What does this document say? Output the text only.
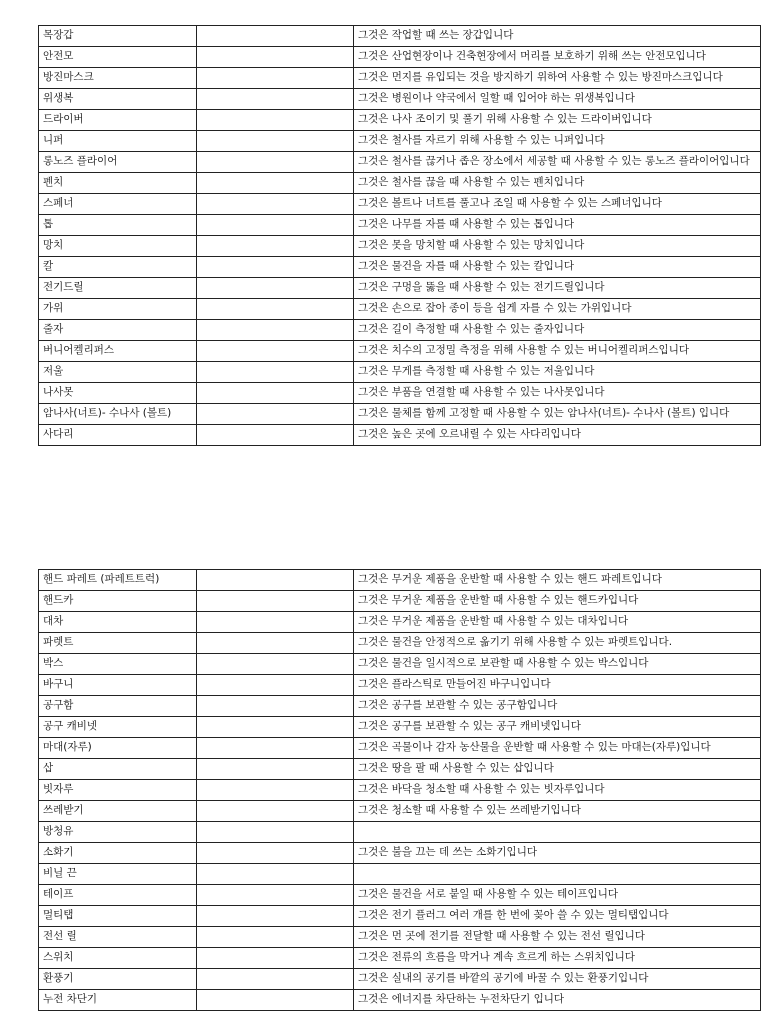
목장갑		그것은 작업할 때 쓰는 장갑입니다
안전모		그것은 산업현장이나 건축현장에서 머리를 보호하기 위해 쓰는 안전모입니다
방진마스크		그것은 먼지를 유입되는 것을 방지하기 위하여 사용할 수 있는 방진마스크입니다
위생복		그것은 병원이나 약국에서 일할 때 입어야 하는 위생복입니다
드라이버		그것은 나사 조이기 및 풀기 위해 사용할 수 있는 드라이버입니다
니퍼		그것은 철사를 자르기 위해 사용할 수 있는 니퍼입니다
롱노즈 플라이어		그것은 철사를 끊거나 좁은 장소에서 세공할 때 사용할 수 있는 롱노즈 플라이어입니다
펜치		그것은 철사를 끊을 때 사용할 수 있는 펜치입니다
스페너		그것은 볼트나 너트를 풀고나 조일 때 사용할 수 있는 스페너입니다
톱		그것은 나무를 자를 때 사용할 수 있는 톱입니다
망치		그것은 못을 망치할 때 사용할 수 있는 망치입니다
칼		그것은 물건을 자를 때 사용할 수 있는 칼입니다
전기드릴		그것은 구멍을 뚫을 때 사용할 수 있는 전기드릴입니다
가위		그것은 손으로 잡아 종이 등을 쉽게 자를 수 있는 가위입니다
줄자		그것은 길이 측정할 때 사용할 수 있는 줄자입니다
버니어켈리퍼스		그것은 치수의 고정밀 측정을 위해 사용할 수 있는 버니어켈리퍼스입니다
저울		그것은 무게를 측정할 때 사용할 수 있는 저울입니다
나사못		그것은 부품을 연결할 때 사용할 수 있는 나사못입니다
암나사(너트)- 수나사 (볼트)		그것은 물체를 함께 고정할 때 사용할 수 있는 암나사(너트)- 수나사 (볼트) 입니다
사다리		그것은 높은 곳에 오르내릴 수 있는 사다리입니다
핸드 파레트 (파레트트럭)		그것은 무거운 제품을 운반할 때 사용할 수 있는 핸드 파레트입니다
핸드카		그것은 무거운 제품을 운반할 때 사용할 수 있는 핸드카입니다
대차		그것은 무거운 제품을 운반할 때 사용할 수 있는 대차입니다
파렛트		그것은 물건을 안정적으로 옮기기 위해 사용할 수 있는 파렛트입니다.
박스		그것은 물건을 일시적으로 보관할 때 사용할 수 있는 박스입니다
바구니		그것은 플라스틱로 만들어진 바구니입니다
공구함		그것은 공구를 보관할 수 있는 공구함입니다
공구 캐비넷		그것은 공구를 보관할 수 있는 공구 캐비넷입니다
마대(자루)		그것은 곡물이나 감자 농산물을 운반할 때 사용할 수 있는 마대는(자루)입니다
삽		그것은 땅을 팔 때 사용할 수 있는 삽입니다
빗자루		그것은 바닥을 청소할 때 사용할 수 있는 빗자루입니다
쓰레받기		그것은 청소할 때 사용할 수 있는 쓰레받기입니다
방청유		
소화기		그것은 불을 끄는 데 쓰는 소화기입니다
비닐 끈		
테이프		그것은 물건을 서로 붙일 때 사용할 수 있는 테이프입니다
멀티탭		그것은 전기 플러그 여러 개를 한 번에 꽂아 쓸 수 있는 멀티탭입니다
전선 릴		그것은 먼 곳에 전기를 전달할 때 사용할 수 있는 전선 릴입니다
스위치		그것은 전류의 흐름을 막거나 계속 흐르게 하는 스위치입니다
환풍기		그것은 실내의 공기를 바깥의 공기에 바꿀 수 있는 환풍기입니다
누전 차단기		그것은 에너지를 차단하는 누전차단기 입니다
